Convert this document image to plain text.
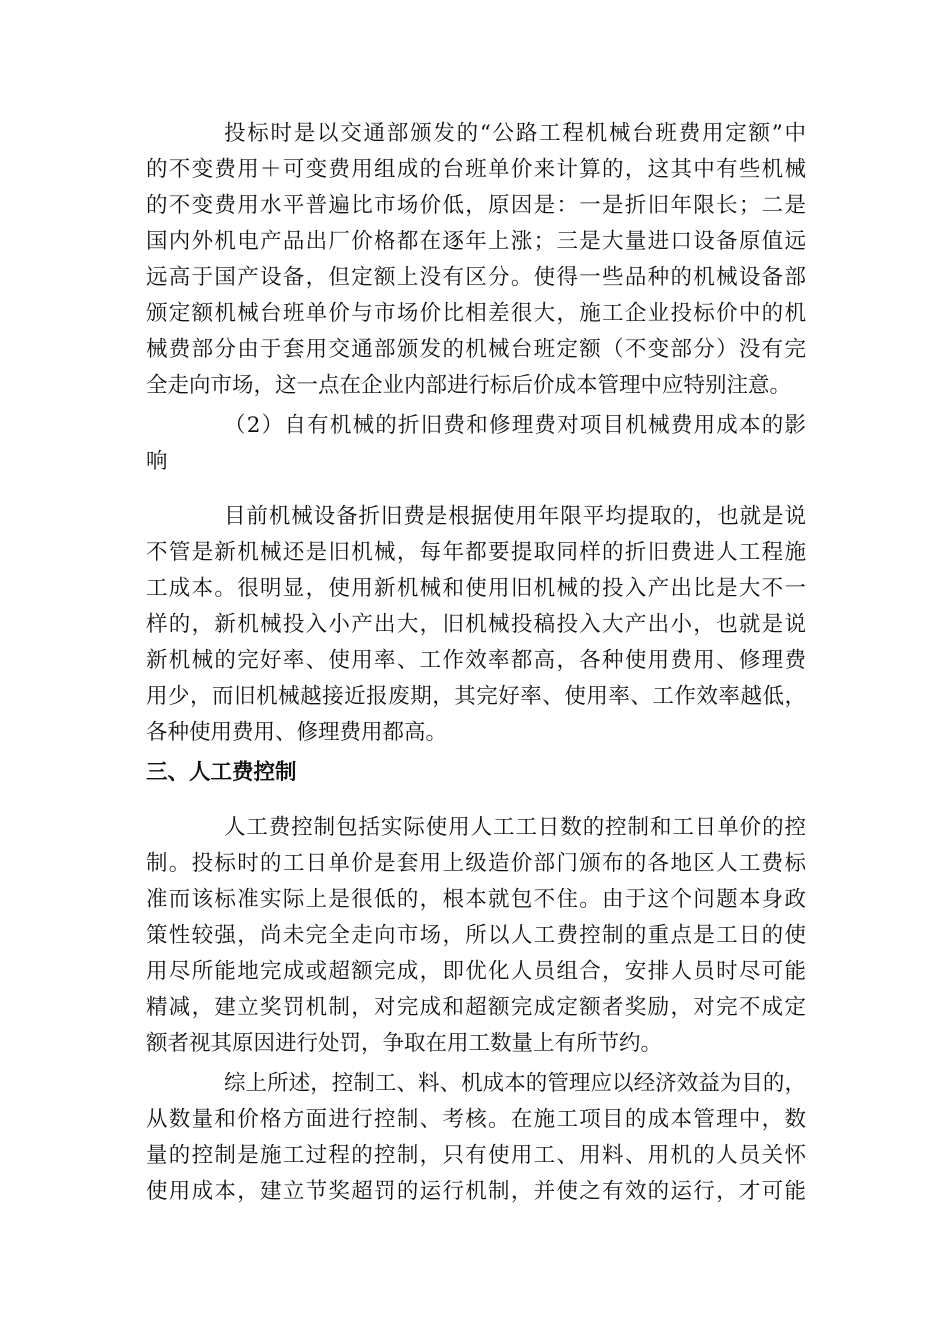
投标时是以交通部颁发的“公路工程机械台班费用定额”中
的不变费用＋可变费用组成的台班单价来计算的，这其中有些机械
的不变费用水平普遍比市场价低，原因是：一是折旧年限长；二是
国内外机电产品出厂价格都在逐年上涨；三是大量进口设备原值远
远高于国产设备，但定额上没有区分。使得一些品种的机械设备部
颁定额机械台班单价与市场价比相差很大，施工企业投标价中的机
械费部分由于套用交通部颁发的机械台班定额（不变部分）没有完
全走向市场，这一点在企业内部进行标后价成本管理中应特别注意。
（2）自有机械的折旧费和修理费对项目机械费用成本的影
响
目前机械设备折旧费是根据使用年限平均提取的，也就是说
不管是新机械还是旧机械，每年都要提取同样的折旧费进人工程施
工成本。很明显，使用新机械和使用旧机械的投入产出比是大不一
样的，新机械投入小产出大，旧机械投稿投入大产出小，也就是说
新机械的完好率、使用率、工作效率都高，各种使用费用、修理费
用少，而旧机械越接近报废期，其完好率、使用率、工作效率越低，
各种使用费用、修理费用都高。
三、人工费控制
人工费控制包括实际使用人工工日数的控制和工日单价的控
制。投标时的工日单价是套用上级造价部门颁布的各地区人工费标
准而该标准实际上是很低的，根本就包不住。由于这个问题本身政
策性较强，尚未完全走向市场，所以人工费控制的重点是工日的使
用尽所能地完成或超额完成，即优化人员组合，安排人员时尽可能
精减，建立奖罚机制，对完成和超额完成定额者奖励，对完不成定
额者视其原因进行处罚，争取在用工数量上有所节约。
综上所述，控制工、料、机成本的管理应以经济效益为目的，
从数量和价格方面进行控制、考核。在施工项目的成本管理中，数
量的控制是施工过程的控制，只有使用工、用料、用机的人员关怀
使用成本，建立节奖超罚的运行机制，并使之有效的运行，才可能
